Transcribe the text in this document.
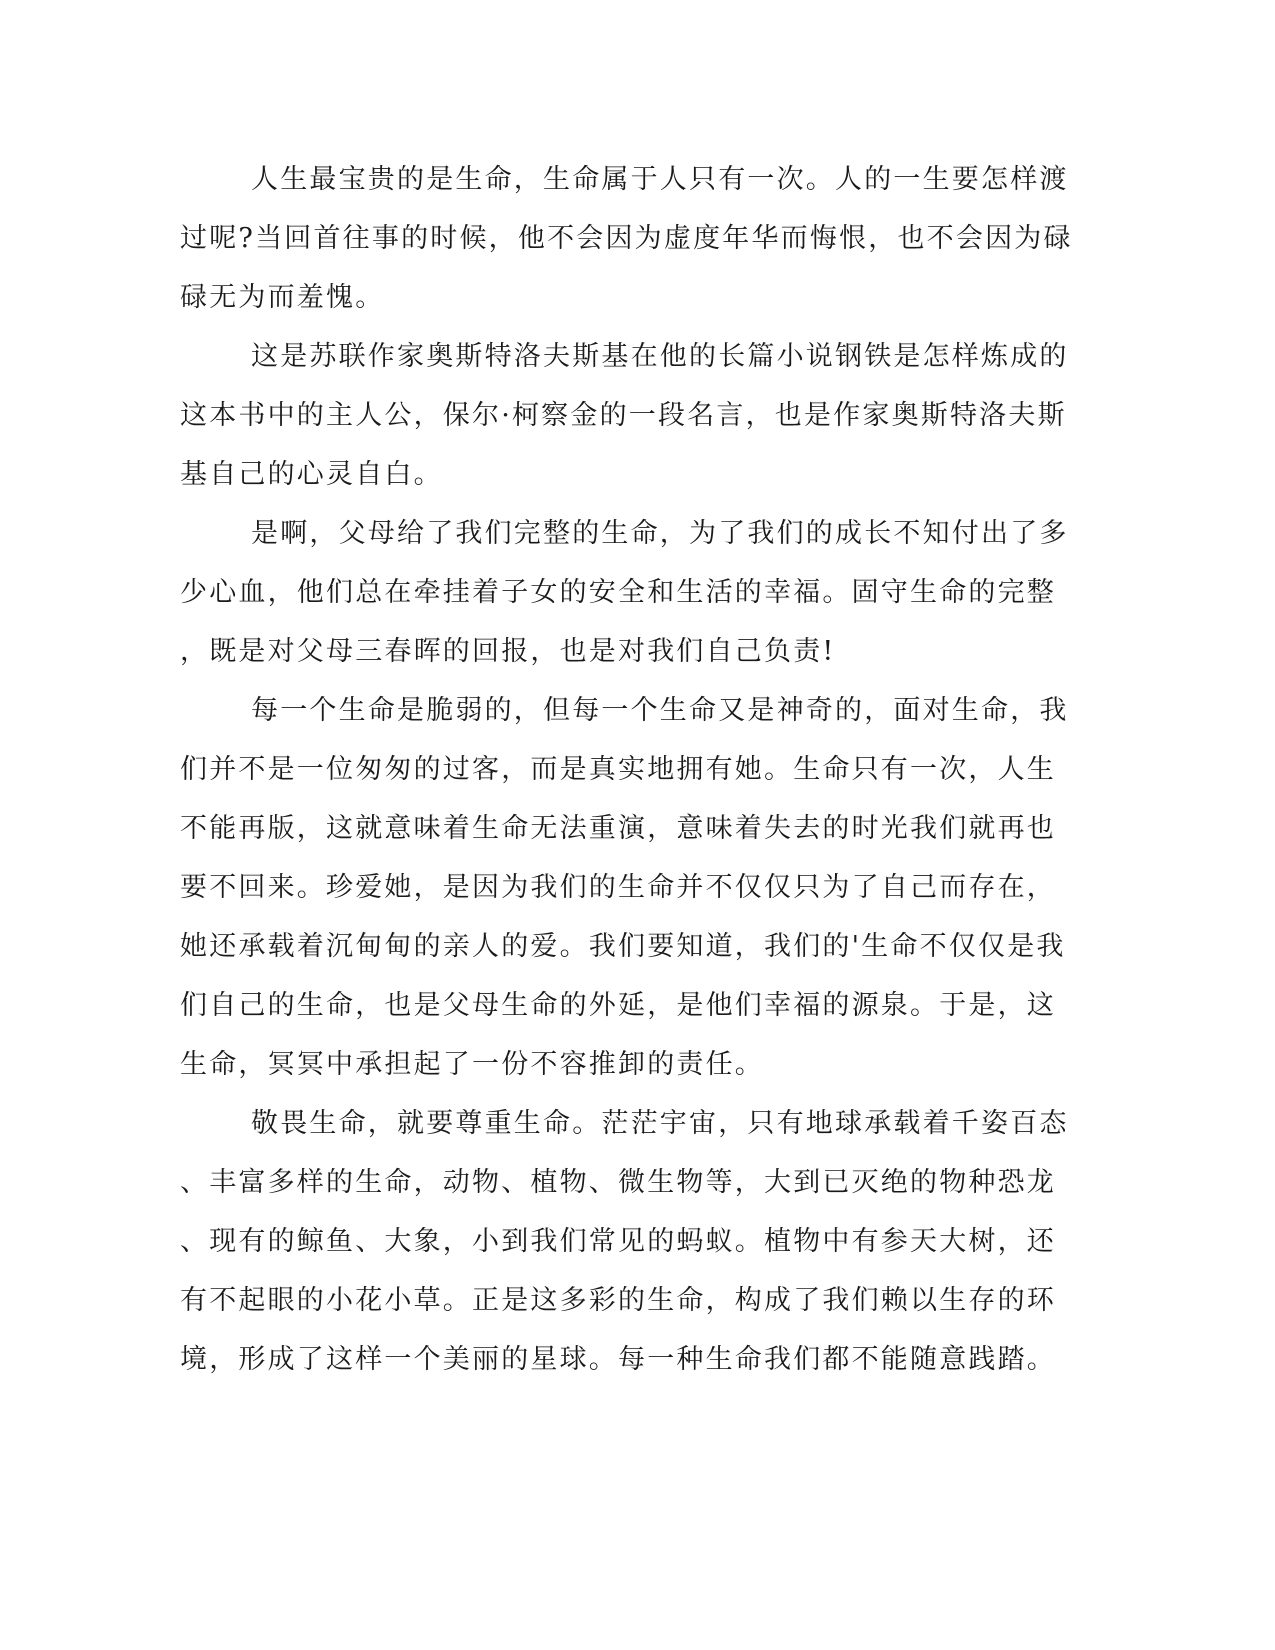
人生最宝贵的是生命，生命属于人只有一次。人的一生要怎样渡
过呢?当回首往事的时候，他不会因为虚度年华而悔恨，也不会因为碌
碌无为而羞愧。

这是苏联作家奥斯特洛夫斯基在他的长篇小说钢铁是怎样炼成的
这本书中的主人公，保尔·柯察金的一段名言，也是作家奥斯特洛夫斯
基自己的心灵自白。

是啊，父母给了我们完整的生命，为了我们的成长不知付出了多
少心血，他们总在牵挂着子女的安全和生活的幸福。固守生命的完整
，既是对父母三春晖的回报，也是对我们自己负责!

每一个生命是脆弱的，但每一个生命又是神奇的，面对生命，我
们并不是一位匆匆的过客，而是真实地拥有她。生命只有一次，人生
不能再版，这就意味着生命无法重演，意味着失去的时光我们就再也
要不回来。珍爱她，是因为我们的生命并不仅仅只为了自己而存在，
她还承载着沉甸甸的亲人的爱。我们要知道，我们的'生命不仅仅是我
们自己的生命，也是父母生命的外延，是他们幸福的源泉。于是，这
生命，冥冥中承担起了一份不容推卸的责任。

敬畏生命，就要尊重生命。茫茫宇宙，只有地球承载着千姿百态
、丰富多样的生命，动物、植物、微生物等，大到已灭绝的物种恐龙
、现有的鲸鱼、大象，小到我们常见的蚂蚁。植物中有参天大树，还
有不起眼的小花小草。正是这多彩的生命，构成了我们赖以生存的环
境，形成了这样一个美丽的星球。每一种生命我们都不能随意践踏。
